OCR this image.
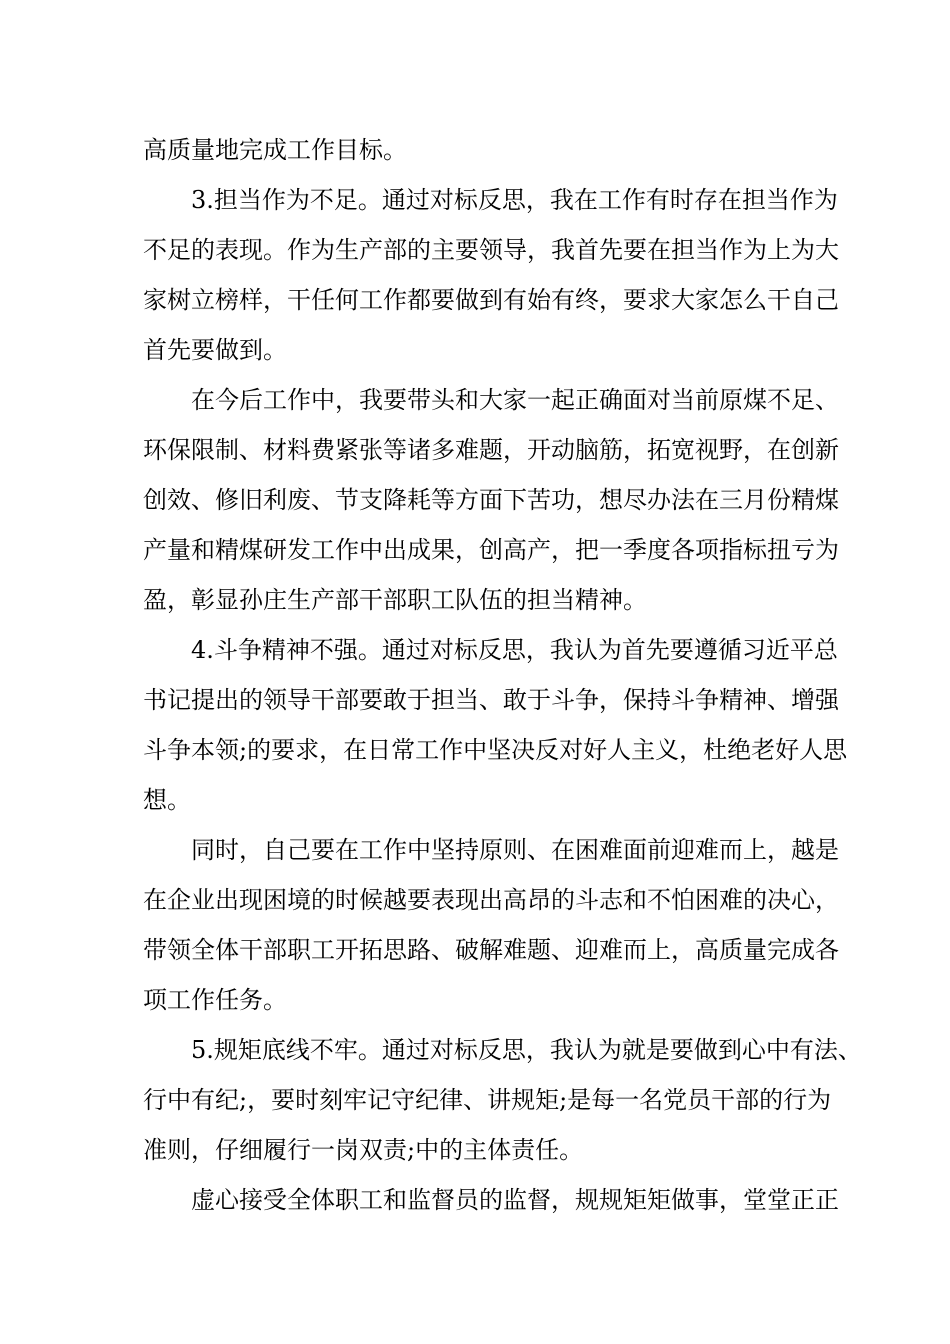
高质量地完成工作目标。

3.担当作为不足。通过对标反思，我在工作有时存在担当作为

不足的表现。作为生产部的主要领导，我首先要在担当作为上为大

家树立榜样，干任何工作都要做到有始有终，要求大家怎么干自己

首先要做到。

在今后工作中，我要带头和大家一起正确面对当前原煤不足、

环保限制、材料费紧张等诸多难题，开动脑筋，拓宽视野，在创新

创效、修旧利废、节支降耗等方面下苦功，想尽办法在三月份精煤

产量和精煤研发工作中出成果，创高产，把一季度各项指标扭亏为

盈，彰显孙庄生产部干部职工队伍的担当精神。

4.斗争精神不强。通过对标反思，我认为首先要遵循习近平总

书记提出的领导干部要敢于担当、敢于斗争，保持斗争精神、增强

斗争本领;的要求，在日常工作中坚决反对好人主义，杜绝老好人思

想。

同时，自己要在工作中坚持原则、在困难面前迎难而上，越是

在企业出现困境的时候越要表现出高昂的斗志和不怕困难的决心，

带领全体干部职工开拓思路、破解难题、迎难而上，高质量完成各

项工作任务。

5.规矩底线不牢。通过对标反思，我认为就是要做到心中有法、

行中有纪;，要时刻牢记守纪律、讲规矩;是每一名党员干部的行为

准则，仔细履行一岗双责;中的主体责任。

虚心接受全体职工和监督员的监督，规规矩矩做事，堂堂正正
